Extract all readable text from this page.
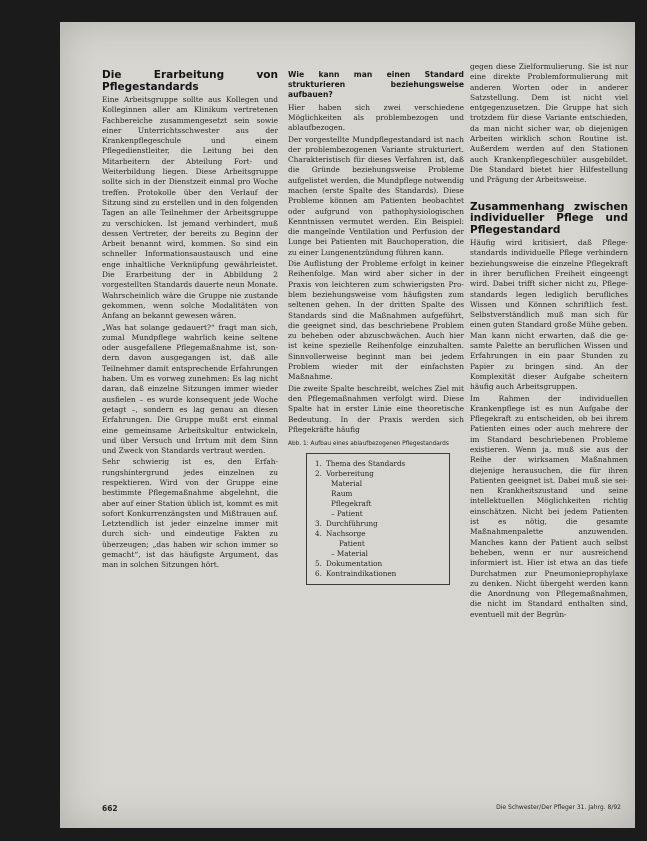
Die Erarbeitung von Pflegestandards

Eine Arbeitsgruppe sollte aus Kollegen und Kolleginnen aller am Klinikum vertretenen Fachbereiche zusammengesetzt sein sowie einer Unterrichtsschwester aus der Krankenpflegeschule und einem Pflegedienstleiter, die Leitung bei den Mitarbeitern der Abteilung Fort- und Weiterbildung liegen. Diese Arbeitsgruppe sollte sich in der Dienstzeit einmal pro Woche treffen. Protokolle über den Verlauf der Sitzung sind zu erstellen und in den folgenden Tagen an alle Teilnehmer der Arbeitsgruppe zu verschicken. Ist jemand verhindert, muß dessen Vertreter, der bereits zu Beginn der Arbeit benannt wird, kommen. So sind ein schneller Informationsaustausch und eine enge inhaltliche Verknüpfung gewährleistet. Die Erarbeitung der in Abbildung 2 vorgestellten Standards dauerte neun Monate. Wahrscheinlich wäre die Gruppe nie zustande gekommen, wenn solche Modalitäten von Anfang an bekannt gewesen wären.

„Was hat solange gedauert?“ fragt man sich, zumal Mundpflege wahrlich keine seltene oder ausgefallene Pflegemaßnahme ist, sondern davon ausgegangen ist, daß alle Teilnehmer damit entsprechende Erfahrungen haben. Um es vorweg zunehmen: Es lag nicht daran, daß einzelne Sitzungen immer wieder ausfielen – es wurde konsequent jede Woche getagt –, sondern es lag genau an diesen Erfahrungen. Die Gruppe mußt erst einmal eine gemeinsame Arbeitskultur entwickeln, und über Versuch und Irrtum mit dem Sinn und Zweck von Standards vertraut werden.

Sehr schwierig ist es, den Erfahrungshintergrund jedes einzelnen zu respektieren. Wird von der Gruppe eine bestimmte Pflegemaßnahme abgelehnt, die aber auf einer Station üblich ist, kommt es mit sofort Konkurrenzängsten und Mißtrauen auf. Letztendlich ist jeder einzelne immer mit durch sich- und eindeutige Fakten zu überzeugen; „das haben wir schon immer so gemacht“, ist das häufigste Argument, das man in solchen Sitzungen hört.

Wie kann man einen Standard strukturieren beziehungsweise aufbauen?

Hier haben sich zwei verschiedene Möglichkeiten als problembezogen und ablaufbezogen.

Der vorgestellte Mundpflegestandard ist nach der problembezogenen Variante strukturiert. Charakteristisch für dieses Verfahren ist, daß die Gründe beziehungsweise Probleme aufgelistet werden, die Mundpflege notwendig machen (erste Spalte des Standards). Diese Probleme können am Patienten beobachtet oder aufgrund von pathophysiologischen Kenntnissen vermutet werden. Ein Beispiel: die mangelnde Ventilation und Perfusion der Lunge bei Patienten mit Bauchoperation, die zu einer Lungenentzündung führen kann.

Die Auflistung der Probleme erfolgt in keiner Reihenfolge. Man wird aber sicher in der Praxis von leichteren zum schwierigsten Problem beziehungsweise vom häufigsten zum seltenen gehen. In der dritten Spalte des Standards sind die Maßnahmen aufgeführt, die geeignet sind, das beschriebene Problem zu beheben oder abzuschwächen. Auch hier ist keine spezielle Reihenfolge einzuhalten. Sinnvollerweise beginnt man bei jedem Problem wieder mit der einfachsten Maßnahme.

Die zweite Spalte beschreibt, welches Ziel mit den Pflegemaßnahmen verfolgt wird. Diese Spalte hat in erster Linie eine theoretische Bedeutung. In der Praxis werden sich Pflegekräfte häufig

Abb. 1: Aufbau eines ablaufbezogenen Pflegestandards
1. Thema des Standards
2. Vorbereitung
Material
Raum
Pflegekraft
– Patient
3. Durchführung
4. Nachsorge
Patient
– Material
5. Dokumentation
6. Kontraindikationen

gegen diese Zielformulierung. Sie ist nur eine direkte Problemformulierung mit anderen Worten oder in anderer Satzstellung. Dem ist nicht viel entgegenzusetzen. Die Gruppe hat sich trotzdem für diese Variante entschieden, da man nicht sicher war, ob diejenigen Arbeiten wirklich schon Routine ist. Außerdem werden auf den Stationen auch Krankenpflegeschüler ausgebildet. Die Standard bietet hier Hilfestellung und Prägung der Arbeitsweise.

Zusammenhang zwischen individueller Pflege und Pflegestandard

Häufig wird kritisiert, daß Pflegestandards individuelle Pflege verhindern beziehungsweise die einzelne Pflegekraft in ihrer beruflichen Freiheit eingeengt wird. Dabei trifft sicher nicht zu, Pflegestandards legen lediglich berufliches Wissen und Können schriftlich fest. Selbstverständlich muß man sich für einen guten Standard große Mühe geben. Man kann nicht erwarten, daß die gesamte Palette an beruflichen Wissen und Erfahrungen in ein paar Stunden zu Papier zu bringen sind. An der Komplexität dieser Aufgabe scheitern häufig auch Arbeitsgruppen.

Im Rahmen der individuellen Krankenpflege ist es nun Aufgabe der Pflegekraft zu entscheiden, ob bei ihrem Patienten eines oder auch mehrere der im Standard beschriebenen Probleme existieren. Wenn ja, muß sie aus der Reihe der wirksamen Maßnahmen diejenige herausuchen, die für ihren Patienten geeignet ist. Dabei muß sie seinen Krankheitszustand und seine intellektuellen Möglichkeiten richtig einschätzen. Nicht bei jedem Patienten ist es nötig, die gesamte Maßnahmenpalette anzuwenden. Manches kann der Patient auch selbst beheben, wenn er nur ausreichend informiert ist. Hier ist etwa an das tiefe Durchatmen zur Pneumonieprophylaxe zu denken. Nicht übergeht werden kann die Anordnung von Pflegemaßnahmen, die nicht im Standard enthalten sind, eventuell mit der Begrün-

662	Die Schwester/Der Pfleger 31. Jahrg. 8/92
